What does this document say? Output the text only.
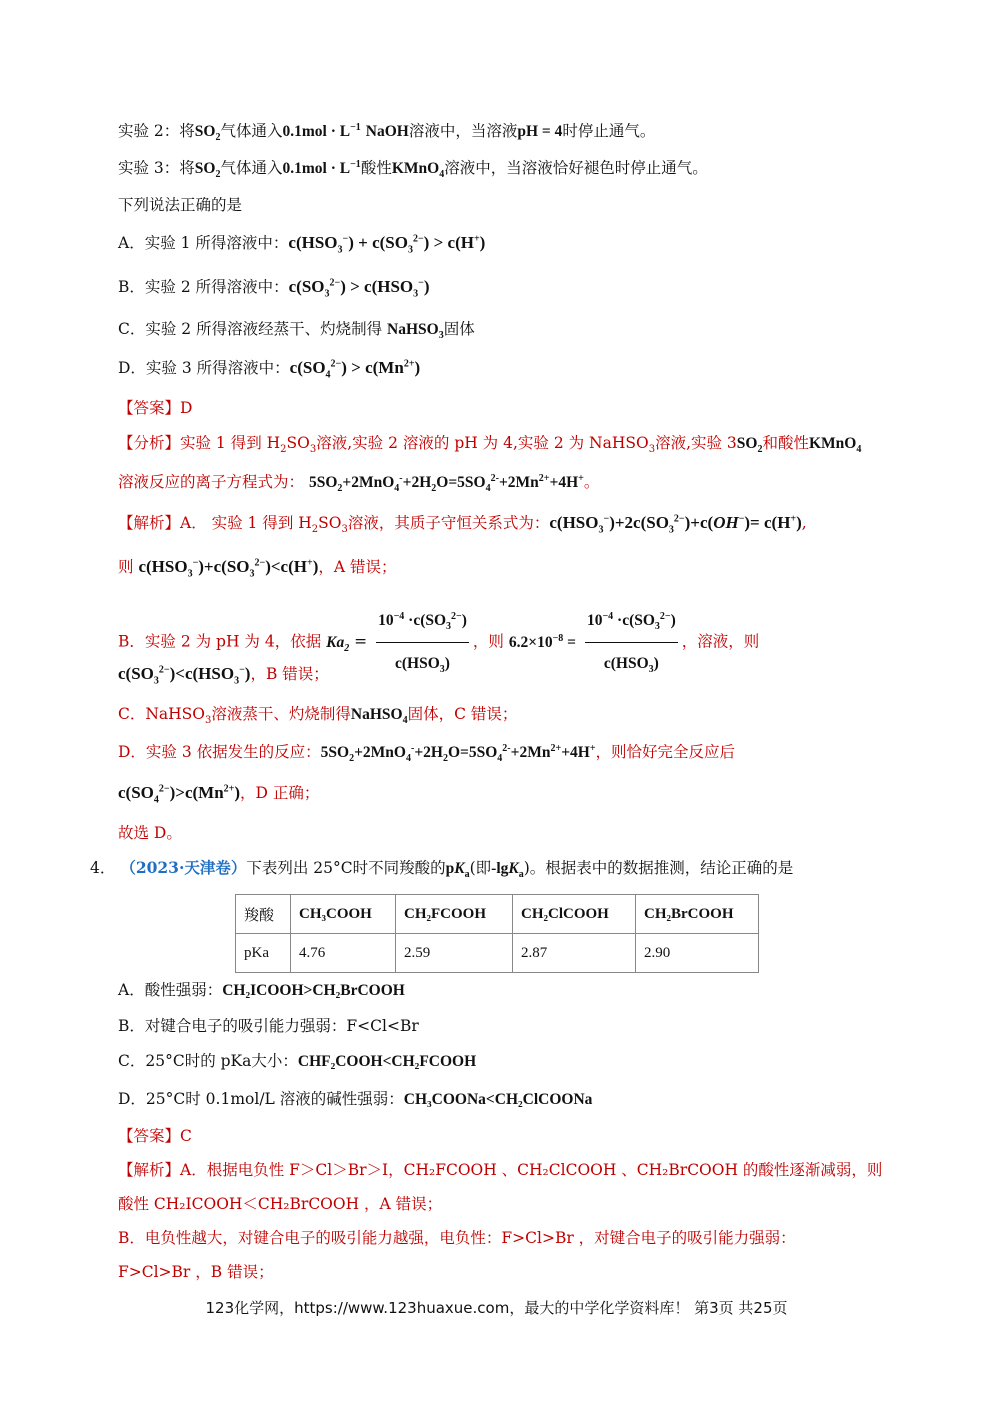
实验 2：将$SO_2$气体通入$0.1mol \cdot L^{-1}$ NaOH溶液中，当溶液pH = 4时停止通气。
实验 3：将$SO_2$气体通入$0.1mol \cdot L^{-1}$酸性KMnO$_4$溶液中，当溶液恰好褪色时停止通气。
下列说法正确的是
A．实验 1 所得溶液中：$c(HSO_3^-) + c(SO_3^{2-}) > c(H^+)$
B．实验 2 所得溶液中：$c(SO_3^{2-}) > c(HSO_3^-)$
C．实验 2 所得溶液经蒸干、灼烧制得 NaHSO$_3$固体
D．实验 3 所得溶液中：$c(SO_4^{2-}) > c(Mn^{2+})$
【答案】D
【分析】实验 1 得到 $H_2SO_3$溶液,实验 2 溶液的 pH 为 4,实验 2 为 NaHSO$_3$溶液,实验 $3SO_2$和酸性KMnO$_4$
溶液反应的离子方程式为： $5SO_2+2MnO_4^-+2H_2O=5SO_4^{2-}+2Mn^{2+}+4H^+$。
【解析】A． 实验 1 得到 $H_2SO_3$溶液，其质子守恒关系式为：$c(HSO_3^-)+2c(SO_3^{2-})+c(OH^-)= c(H^+)$,
则 $c(HSO_3^-)+c(SO_3^{2-})<c(H^+)$，A 错误；
B．实验 2 为 pH 为 4，依据 $Ka_2 = \frac{10^{-4} \cdot c(SO_3^{2-})}{c(HSO_3)}$ ，则 $6.2\times 10^{-8} = \frac{10^{-4} \cdot c(SO_3^{2-})}{c(HSO_3)}$ ，溶液，则
$c(SO_3^{2-})<c(HSO_3^-)$，B 错误；
C．NaHSO$_3$溶液蒸干、灼烧制得NaHSO$_4$固体，C 错误；
D．实验 3 依据发生的反应：$5SO_2+2MnO_4^-+2H_2O=5SO_4^{2-}+2Mn^{2+}+4H^+$，则恰好完全反应后
$c(SO_4^{2-})>c(Mn^{2+})$，D 正确；
故选 D。
4． （2023·天津卷）下表列出 25°C时不同羧酸的$pK_a$(即-lgK$_a$)。根据表中的数据推测，结论正确的是
羧酸	CH₃COOH	CH₂FCOOH	CH₂ClCOOH	CH₂BrCOOH
pKa	4.76	2.59	2.87	2.90
A．酸性强弱：CH₂ICOOH>CH₂BrCOOH
B．对键合电子的吸引能力强弱：F<Cl<Br
C．25°C时的 pKa大小：CHF₂COOH<CH₂FCOOH
D．25°C时 0.1mol/L 溶液的碱性强弱：CH₃COONa<CH₂ClCOONa
【答案】C
【解析】A．根据电负性 F＞Cl＞Br＞I，CH₂FCOOH 、CH₂ClCOOH 、CH₂BrCOOH 的酸性逐渐减弱，则
酸性 CH₂ICOOH＜CH₂BrCOOH ，A 错误；
B．电负性越大，对键合电子的吸引能力越强，电负性：F>Cl>Br ，对键合电子的吸引能力强弱：
F>Cl>Br ，B 错误；
123化学网，https://www.123huaxue.com，最大的中学化学资料库！ 第3页 共25页
